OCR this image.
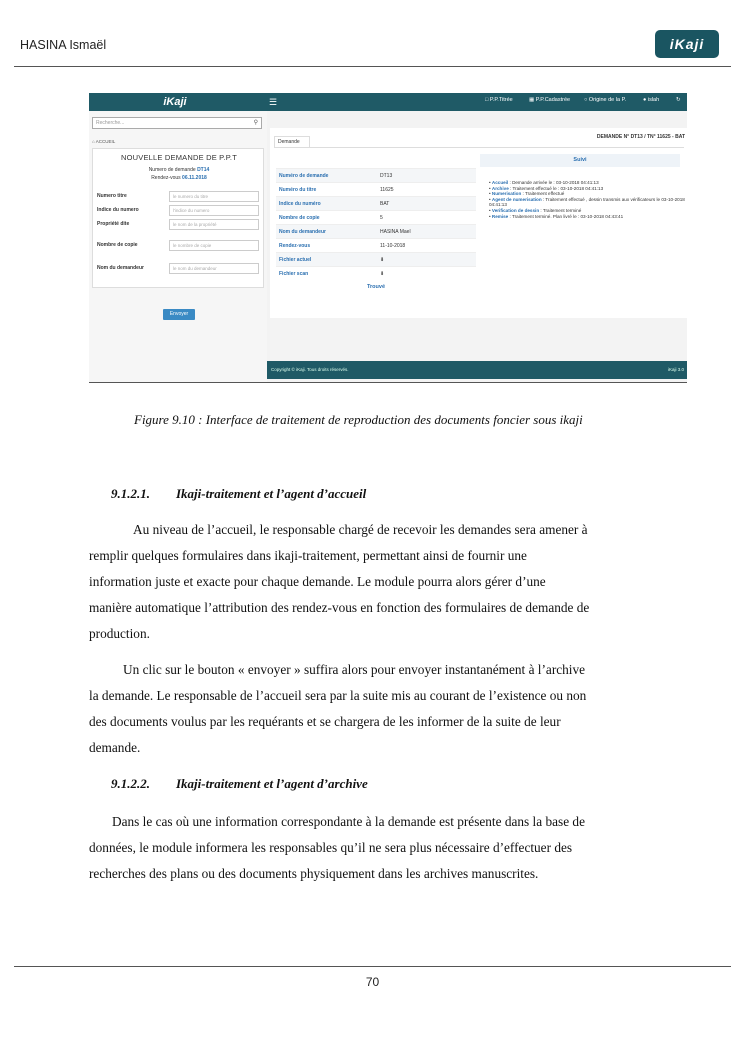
HASINA Ismaël	iKaji
iKaji	☰	□ P.P.Titrée	▦ P.P.Cadastrée	○ Origine de la P.	● islah	↻
Recherche...	⚲
⌂ ACCUEIL
NOUVELLE DEMANDE DE P.P.T
Numero de demande DT14
Rendez-vous 06.11.2018
Numero titre	le numero du titre
Indice du numero	l'indice du numero
Propriété dite	le nom de la propriété
Nombre de copie	le nombre de copie
Nom du demandeur	le nom du demandeur
Envoyer
Demande
DEMANDE N° DT13 / TN° 11625 - BAT
Suivi
Numéro de demande	DT13
Numéro du titre	11625
Indice du numéro	BAT
Nombre de copie	5
Nom du demandeur	HASINA Mael
Rendez-vous	11-10-2018
Fichier actuel	⬇
Fichier scan	⬇
Trouvé
• Accueil : Demande arrivée le : 03-10-2018 04:41:13
• Archive : Traitement effectué le : 03-10-2018 04:41:13
• Numerisation : Traitement effectué
• Agent de numerisation : Traitement effectué , dessin transmis aux vérificateurs le 03-10-2018 04:41:13
• Verification de dessin : Traitement terminé
• Remise : Traitement terminé. Plan livré le : 03-10-2018 04:43:41
Copyright © iKaji. Tous droits réservés.	iKaji 3.0
Figure 9.10 : Interface de traitement de reproduction des documents foncier sous ikaji
9.1.2.1. Ikaji-traitement et l’agent d’accueil
Au niveau de l’accueil, le responsable chargé de recevoir les demandes sera amener à
remplir quelques formulaires dans ikaji-traitement, permettant ainsi de fournir une
information juste et exacte pour chaque demande. Le module pourra alors gérer d’une
manière automatique l’attribution des rendez-vous en fonction des formulaires de demande de
production.
Un clic sur le bouton « envoyer » suffira alors pour envoyer instantanément à l’archive
la demande. Le responsable de l’accueil sera par la suite mis au courant de l’existence ou non
des documents voulus par les requérants et se chargera de les informer de la suite de leur
demande.
9.1.2.2. Ikaji-traitement et l’agent d’archive
Dans le cas où une information correspondante à la demande est présente dans la base de
données, le module informera les responsables qu’il ne sera plus nécessaire d’effectuer des
recherches des plans ou des documents physiquement dans les archives manuscrites.
70
